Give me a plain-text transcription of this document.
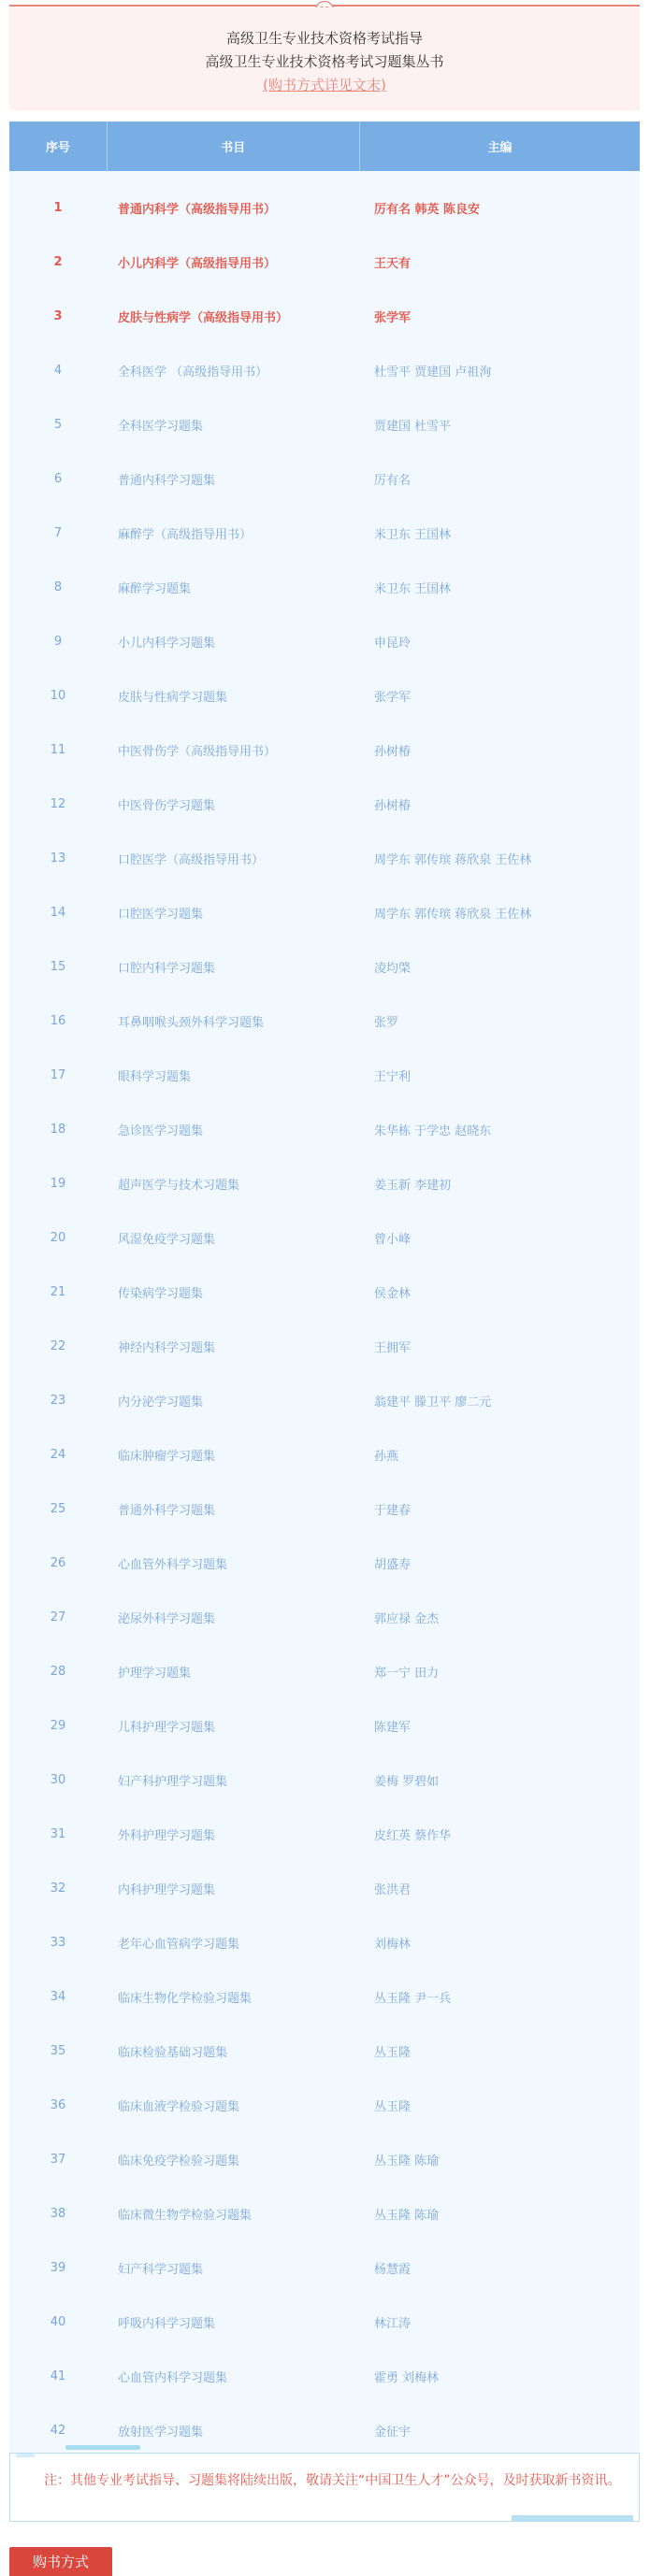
高级卫生专业技术资格考试指导
高级卫生专业技术资格考试习题集丛书
(购书方式详见文末)
序号	书目	主编
1	普通内科学（高级指导用书）	厉有名 韩英 陈良安
2	小儿内科学（高级指导用书）	王天有
3	皮肤与性病学（高级指导用书）	张学军
4	全科医学 （高级指导用书）	杜雪平 贾建国 卢祖洵
5	全科医学习题集	贾建国 杜雪平
6	普通内科学习题集	厉有名
7	麻醉学（高级指导用书）	米卫东 王国林
8	麻醉学习题集	米卫东 王国林
9	小儿内科学习题集	申昆玲
10	皮肤与性病学习题集	张学军
11	中医骨伤学（高级指导用书）	孙树椿
12	中医骨伤学习题集	孙树椿
13	口腔医学（高级指导用书）	周学东 郭传瑸 蒋欣泉 王佐林
14	口腔医学习题集	周学东 郭传瑸 蒋欣泉 王佐林
15	口腔内科学习题集	凌均棨
16	耳鼻咽喉头颈外科学习题集	张罗
17	眼科学习题集	王宁利
18	急诊医学习题集	朱华栋 于学忠 赵晓东
19	超声医学与技术习题集	姜玉新 李建初
20	风湿免疫学习题集	曾小峰
21	传染病学习题集	侯金林
22	神经内科学习题集	王拥军
23	内分泌学习题集	翁建平 滕卫平 廖二元
24	临床肿瘤学习题集	孙燕
25	普通外科学习题集	于建春
26	心血管外科学习题集	胡盛寿
27	泌尿外科学习题集	郭应禄 金杰
28	护理学习题集	郑一宁 田力
29	儿科护理学习题集	陈建军
30	妇产科护理学习题集	姜梅 罗碧如
31	外科护理学习题集	皮红英 蔡作华
32	内科护理学习题集	张洪君
33	老年心血管病学习题集	刘梅林
34	临床生物化学检验习题集	丛玉隆 尹一兵
35	临床检验基础习题集	丛玉隆
36	临床血液学检验习题集	丛玉隆
37	临床免疫学检验习题集	丛玉隆 陈瑜
38	临床微生物学检验习题集	丛玉隆 陈瑜
39	妇产科学习题集	杨慧霞
40	呼吸内科学习题集	林江涛
41	心血管内科学习题集	霍勇 刘梅林
42	放射医学习题集	金征宇
注：其他专业考试指导、习题集将陆续出版，敬请关注“中国卫生人才”公众号，及时获取新书资讯。
购书方式
